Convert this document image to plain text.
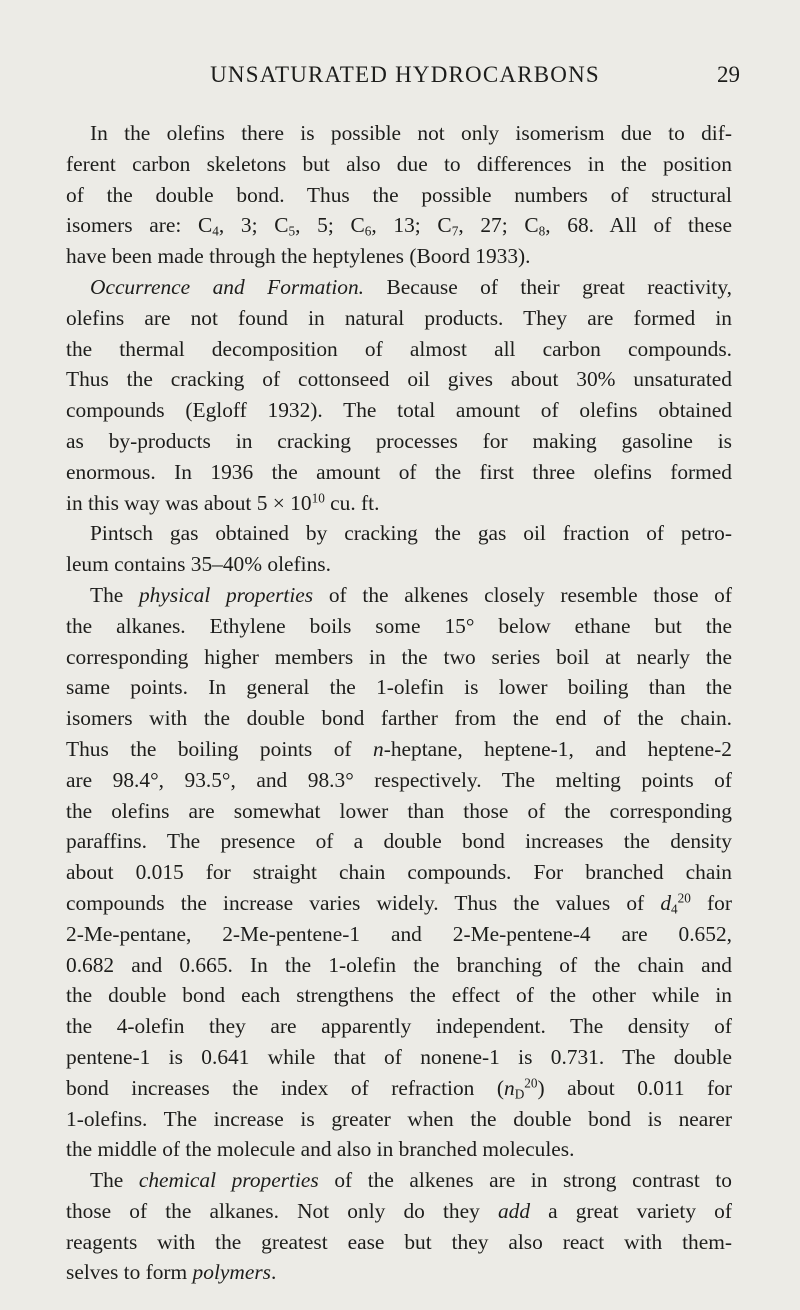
UNSATURATED HYDROCARBONS	29
In the olefins there is possible not only isomerism due to dif-
ferent carbon skeletons but also due to differences in the position
of the double bond. Thus the possible numbers of structural
isomers are: $C_4$, 3; $C_5$, 5; $C_6$, 13; $C_7$, 27; $C_8$, 68. All of these
have been made through the heptylenes (Boord 1933).
Occurrence and Formation. Because of their great reactivity,
olefins are not found in natural products. They are formed in
the thermal decomposition of almost all carbon compounds.
Thus the cracking of cottonseed oil gives about 30% unsaturated
compounds (Egloff 1932). The total amount of olefins obtained
as by-products in cracking processes for making gasoline is
enormous. In 1936 the amount of the first three olefins formed
in this way was about $5 \times 10^{10}$ cu. ft.
Pintsch gas obtained by cracking the gas oil fraction of petro-
leum contains 35–40% olefins.
The physical properties of the alkenes closely resemble those of
the alkanes. Ethylene boils some 15° below ethane but the
corresponding higher members in the two series boil at nearly the
same points. In general the 1-olefin is lower boiling than the
isomers with the double bond farther from the end of the chain.
Thus the boiling points of n-heptane, heptene-1, and heptene-2
are 98.4°, 93.5°, and 98.3° respectively. The melting points of
the olefins are somewhat lower than those of the corresponding
paraffins. The presence of a double bond increases the density
about 0.015 for straight chain compounds. For branched chain
compounds the increase varies widely. Thus the values of $d_4^{20}$ for
2-Me-pentane, 2-Me-pentene-1 and 2-Me-pentene-4 are 0.652,
0.682 and 0.665. In the 1-olefin the branching of the chain and
the double bond each strengthens the effect of the other while in
the 4-olefin they are apparently independent. The density of
pentene-1 is 0.641 while that of nonene-1 is 0.731. The double
bond increases the index of refraction $(n_D^{20})$ about 0.011 for
1-olefins. The increase is greater when the double bond is nearer
the middle of the molecule and also in branched molecules.
The chemical properties of the alkenes are in strong contrast to
those of the alkanes. Not only do they add a great variety of
reagents with the greatest ease but they also react with them-
selves to form polymers.
